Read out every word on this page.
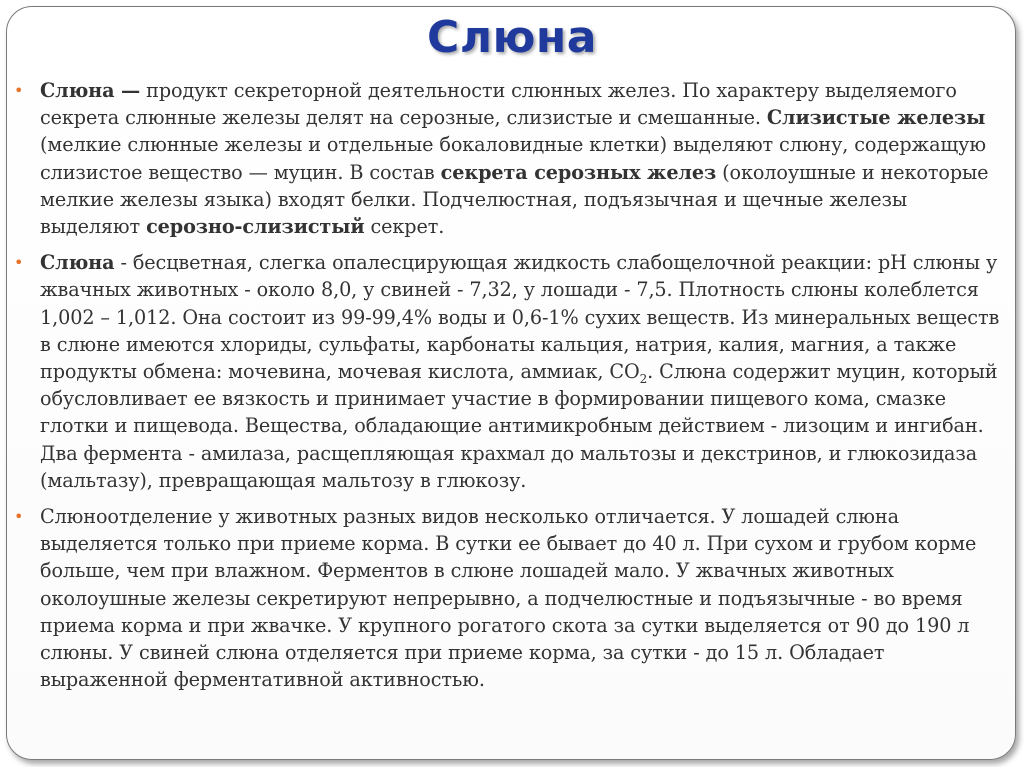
Слюна
• Слюна — продукт секреторной деятельности слюнных желез. По характеру выделяемого секрета слюнные железы делят на серозные, слизистые и смешанные. Слизистые железы (мелкие слюнные железы и отдельные бокаловидные клетки) выделяют слюну, содержащую слизистое вещество — муцин. В состав секрета серозных желез (околоушные и некоторые мелкие железы языка) входят белки. Подчелюстная, подъязычная и щечные железы выделяют серозно-слизистый секрет.
• Слюна - бесцветная, слегка опалесцирующая жидкость слабощелочной реакции: рН слюны у жвачных животных - около 8,0, у свиней - 7,32, у лошади - 7,5. Плотность слюны колеблется 1,002 – 1,012. Она состоит из 99-99,4% воды и 0,6-1% сухих веществ. Из минеральных веществ в слюне имеются хлориды, сульфаты, карбонаты кальция, натрия, калия, магния, а также продукты обмена: мочевина, мочевая кислота, аммиак, $СО_2$. Слюна содержит муцин, который обусловливает ее вязкость и принимает участие в формировании пищевого кома, смазке глотки и пищевода. Вещества, обладающие антимикробным действием - лизоцим и ингибан. Два фермента - амилаза, расщепляющая крахмал до мальтозы и декстринов, и глюкозидаза (мальтазу), превращающая мальтозу в глюкозу.
• Слюноотделение у животных разных видов несколько отличается. У лошадей слюна выделяется только при приеме корма. В сутки ее бывает до 40 л. При сухом и грубом корме больше, чем при влажном. Ферментов в слюне лошадей мало. У жвачных животных околоушные железы секретируют непрерывно, а подчелюстные и подъязычные - во время приема корма и при жвачке. У крупного рогатого скота за сутки выделяется от 90 до 190 л слюны. У свиней слюна отделяется при приеме корма, за сутки - до 15 л. Обладает выраженной ферментативной активностью.
